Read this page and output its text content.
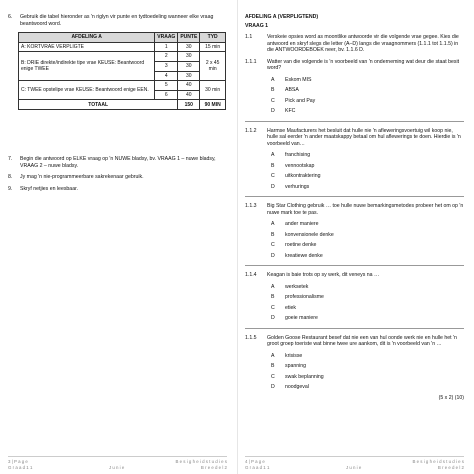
6.	Gebruik die tabel hieronder as 'n riglyn vir punte en tydtoedeling wanneer elke vraag beantwoord word.
AFDELING A	VRAAG	PUNTE	TYD
A: KORTVRAE VERPLIGTE	1	30	15 min
B: DRIE direkte/indirekte tipe vrae KEUSE: Beantwoord enige TWEE	2	30	2 x 45 min
	3	30	
	4	30	
C: TWEE opstelipe vrae KEUSE: Beantwoord enige EEN.	5	40	30 min
	6	40	
TOTAAL		150	90 MIN
7.	Begin die antwoord op ELKE vraag op 'n NUWE bladsy, bv. VRAAG 1 – nuwe bladsy, VRAAG 2 – nuwe bladsy.
8.	Jy mag 'n nie-programmeerbare sakrekenaar gebruik.
9.	Skryf netjies en leesbaar.
3 | P a g e	B e s i g h e i d s t u d i e s
G r a a d 1 1	J u n i e	B r e e d e l 2
AFDELING A (VERPLIGTEND)
VRAAG 1
1.1	Verskeie opsies word as moontlike antwoorde vir die volgende vrae gegee. Kies die antwoord en skryf slegs die letter (A–D) langs die vraagnommers (1.1.1 tot 1.1.5) in die ANTWOORDEBOEK neer, bv. 1.1.6 D.
1.1.1	Watter van die volgende is 'n voorbeeld van 'n onderneming wat deur die staat besit word?
A	Eskom MIS
B	ABSA
C	Pick and Pay
D	KFC
1.1.2	Harmse Maufacturers het besluit dat hulle nie 'n afleweringsvoertuig wil koop nie, hulle sal eerder 'n ander maatskappy betaal om hul aflewerings te doen. Hierdie is 'n voorbeeld van…
A	franchising
B	vennootskap
C	uitkontraktering
D	verhurings
1.1.3	Big Star Clothing gebruik … toe hulle nuwe bemarkingsmetodes probeer het om op 'n nuwe mark toe te pas.
A	ander maniere
B	konvensionele denke
C	roetine denke
D	kreatiewe denke
1.1.4	Keagan is baie trots op sy werk, dit veneys na …
A	werksetek
B	professionalisme
C	etiek
D	goeie maniere
1.1.5	Golden Goose Restaurant besef dat nie een van hul oonde werk nie en hulle het 'n groot groep toeriste wat binne twee ure aankom, dit is 'n voorbeeld van 'n …
A	krisisse
B	spanning
C	swak beplanning
D	noodgeval
(5 x 2) (10)
4 | P a g e	B e s i g h e i d s t u d i e s
G r a a d 1 1	J u n i e	B r e e d e l 2
